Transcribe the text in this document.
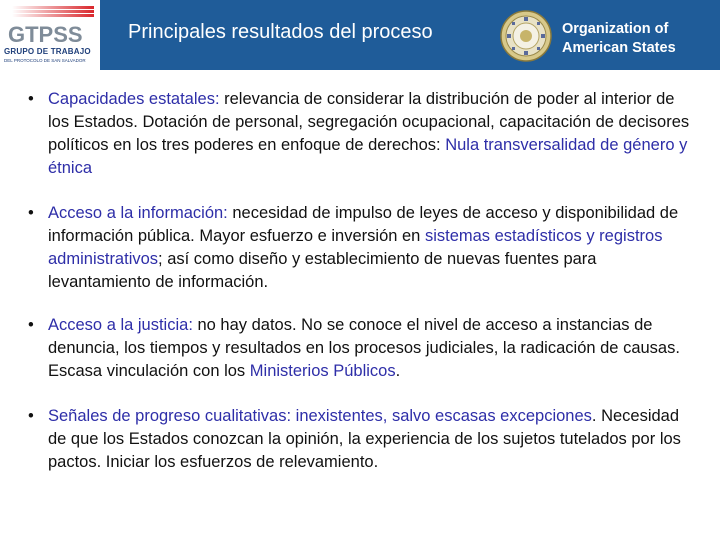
GTPSS
GRUPO DE TRABAJO
DEL PROTOCOLO DE SAN SALVADOR
Principales resultados del proceso	Organization of
American States
• Capacidades estatales: relevancia de considerar la distribución de poder al interior de los Estados. Dotación de personal, segregación ocupacional, capacitación de decisores políticos en los tres poderes en enfoque de derechos: Nula transversalidad de género y étnica
• Acceso a la información: necesidad de impulso de leyes de acceso y disponibilidad de información pública. Mayor esfuerzo e inversión en sistemas estadísticos y registros administrativos; así como diseño y establecimiento de nuevas fuentes para levantamiento de información.
• Acceso a la justicia: no hay datos. No se conoce el nivel de acceso a instancias de denuncia, los tiempos y resultados en los procesos judiciales, la radicación de causas. Escasa vinculación con los Ministerios Públicos.
• Señales de progreso cualitativas: inexistentes, salvo escasas excepciones. Necesidad de que los Estados conozcan la opinión, la experiencia de los sujetos tutelados por los pactos. Iniciar los esfuerzos de relevamiento.
